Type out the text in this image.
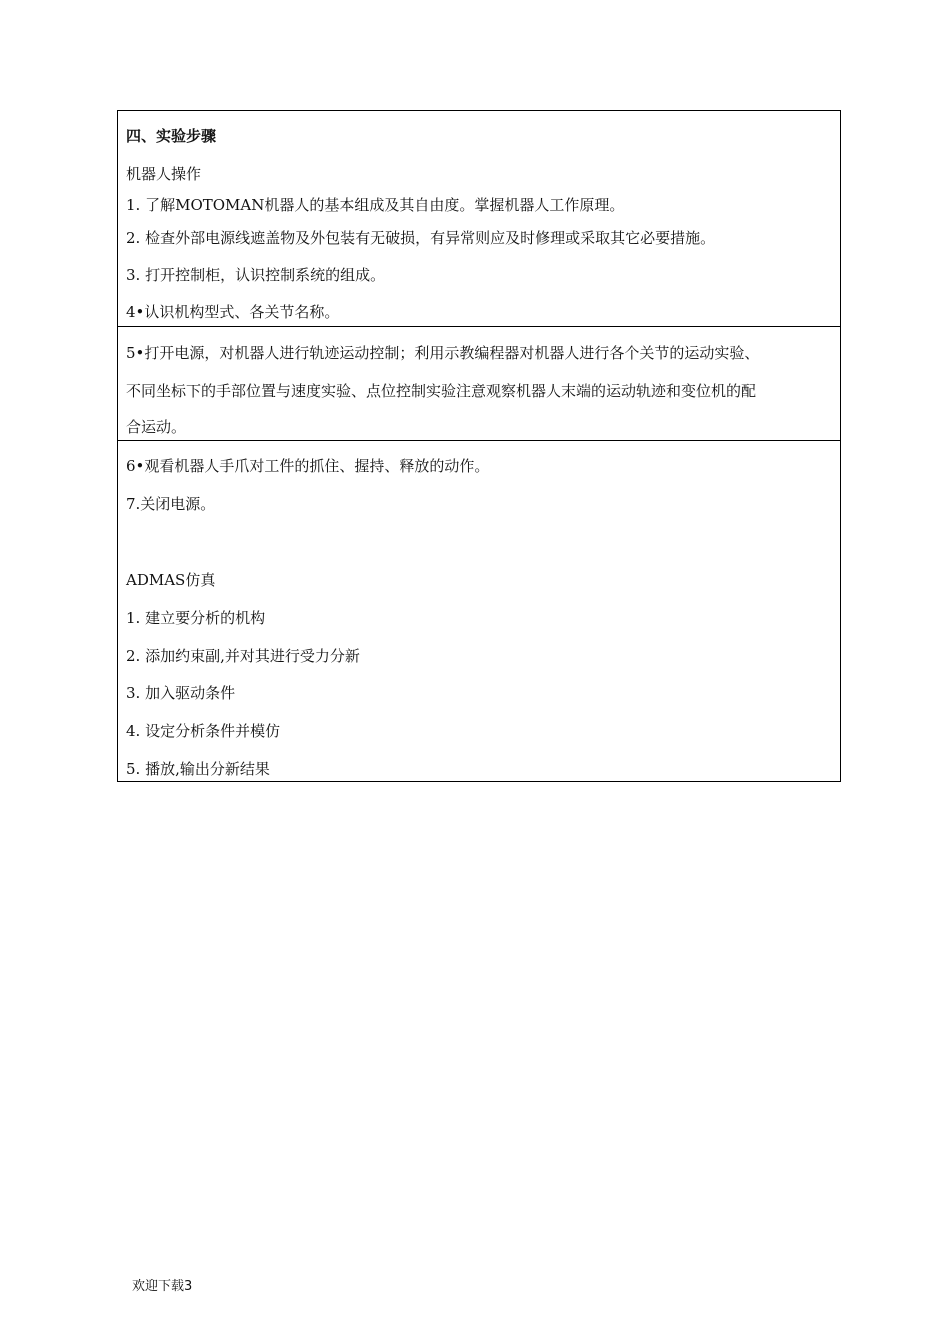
四、实验步骤
机器人操作
1. 了解MOTOMAN机器人的基本组成及其自由度。掌握机器人工作原理。
2. 检查外部电源线遮盖物及外包装有无破损，有异常则应及时修理或采取其它必要措施。
3. 打开控制柜，认识控制系统的组成。
4•认识机构型式、各关节名称。
5•打开电源，对机器人进行轨迹运动控制；利用示教编程器对机器人进行各个关节的运动实验、
不同坐标下的手部位置与速度实验、点位控制实验注意观察机器人末端的运动轨迹和变位机的配
合运动。
6•观看机器人手爪对工件的抓住、握持、释放的动作。
7.关闭电源。
ADMAS仿真
1. 建立要分析的机构
2. 添加约束副,并对其进行受力分新
3. 加入驱动条件
4. 设定分析条件并模仿
5. 播放,输出分新结果
欢迎下载3
